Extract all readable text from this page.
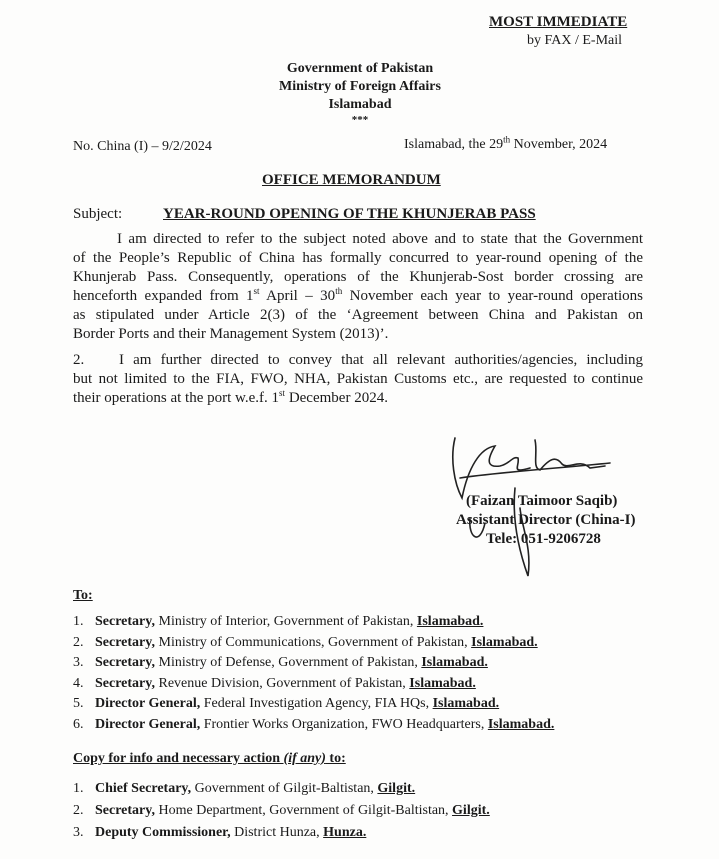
MOST IMMEDIATE
by FAX / E-Mail
Government of Pakistan
Ministry of Foreign Affairs
Islamabad
***
No. China (I) – 9/2/2024	Islamabad, the 29th November, 2024
OFFICE MEMORANDUM
Subject:	YEAR-ROUND OPENING OF THE KHUNJERAB PASS
I am directed to refer to the subject noted above and to state that the Government
of the People’s Republic of China has formally concurred to year-round opening of the
Khunjerab Pass. Consequently, operations of the Khunjerab-Sost border crossing are
henceforth expanded from 1st April – 30th November each year to year-round operations
as stipulated under Article 2(3) of the ‘Agreement between China and Pakistan on
Border Ports and their Management System (2013)’.
2.	I am further directed to convey that all relevant authorities/agencies, including
but not limited to the FIA, FWO, NHA, Pakistan Customs etc., are requested to continue
their operations at the port w.e.f. 1st December 2024.
(Faizan Taimoor Saqib)
Assistant Director (China-I)
Tele: 051-9206728
To:
1. Secretary, Ministry of Interior, Government of Pakistan, Islamabad.
2. Secretary, Ministry of Communications, Government of Pakistan, Islamabad.
3. Secretary, Ministry of Defense, Government of Pakistan, Islamabad.
4. Secretary, Revenue Division, Government of Pakistan, Islamabad.
5. Director General, Federal Investigation Agency, FIA HQs, Islamabad.
6. Director General, Frontier Works Organization, FWO Headquarters, Islamabad.
Copy for info and necessary action (if any) to:
1. Chief Secretary, Government of Gilgit-Baltistan, Gilgit.
2. Secretary, Home Department, Government of Gilgit-Baltistan, Gilgit.
3. Deputy Commissioner, District Hunza, Hunza.
